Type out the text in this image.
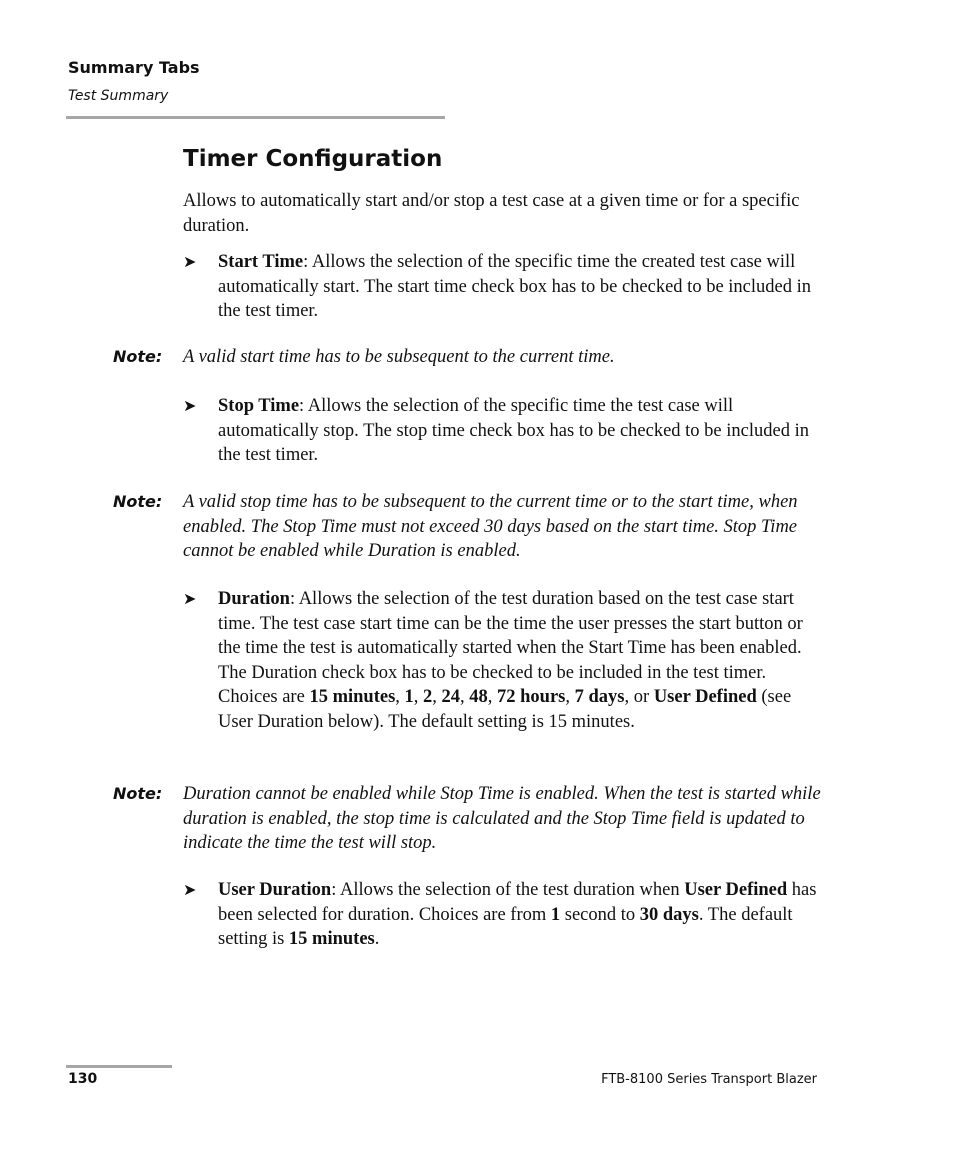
Summary Tabs
Test Summary
Timer Configuration
Allows to automatically start and/or stop a test case at a given time or for a specific duration.
➤	Start Time: Allows the selection of the specific time the created test case will automatically start. The start time check box has to be checked to be included in the test timer.
Note: A valid start time has to be subsequent to the current time.
➤	Stop Time: Allows the selection of the specific time the test case will automatically stop. The stop time check box has to be checked to be included in the test timer.
Note: A valid stop time has to be subsequent to the current time or to the start time, when enabled. The Stop Time must not exceed 30 days based on the start time. Stop Time cannot be enabled while Duration is enabled.
➤	Duration: Allows the selection of the test duration based on the test case start time. The test case start time can be the time the user presses the start button or the time the test is automatically started when the Start Time has been enabled. The Duration check box has to be checked to be included in the test timer. Choices are 15 minutes, 1, 2, 24, 48, 72 hours, 7 days, or User Defined (see User Duration below). The default setting is 15 minutes.
Note: Duration cannot be enabled while Stop Time is enabled. When the test is started while duration is enabled, the stop time is calculated and the Stop Time field is updated to indicate the time the test will stop.
➤	User Duration: Allows the selection of the test duration when User Defined has been selected for duration. Choices are from 1 second to 30 days. The default setting is 15 minutes.
130	FTB-8100 Series Transport Blazer
